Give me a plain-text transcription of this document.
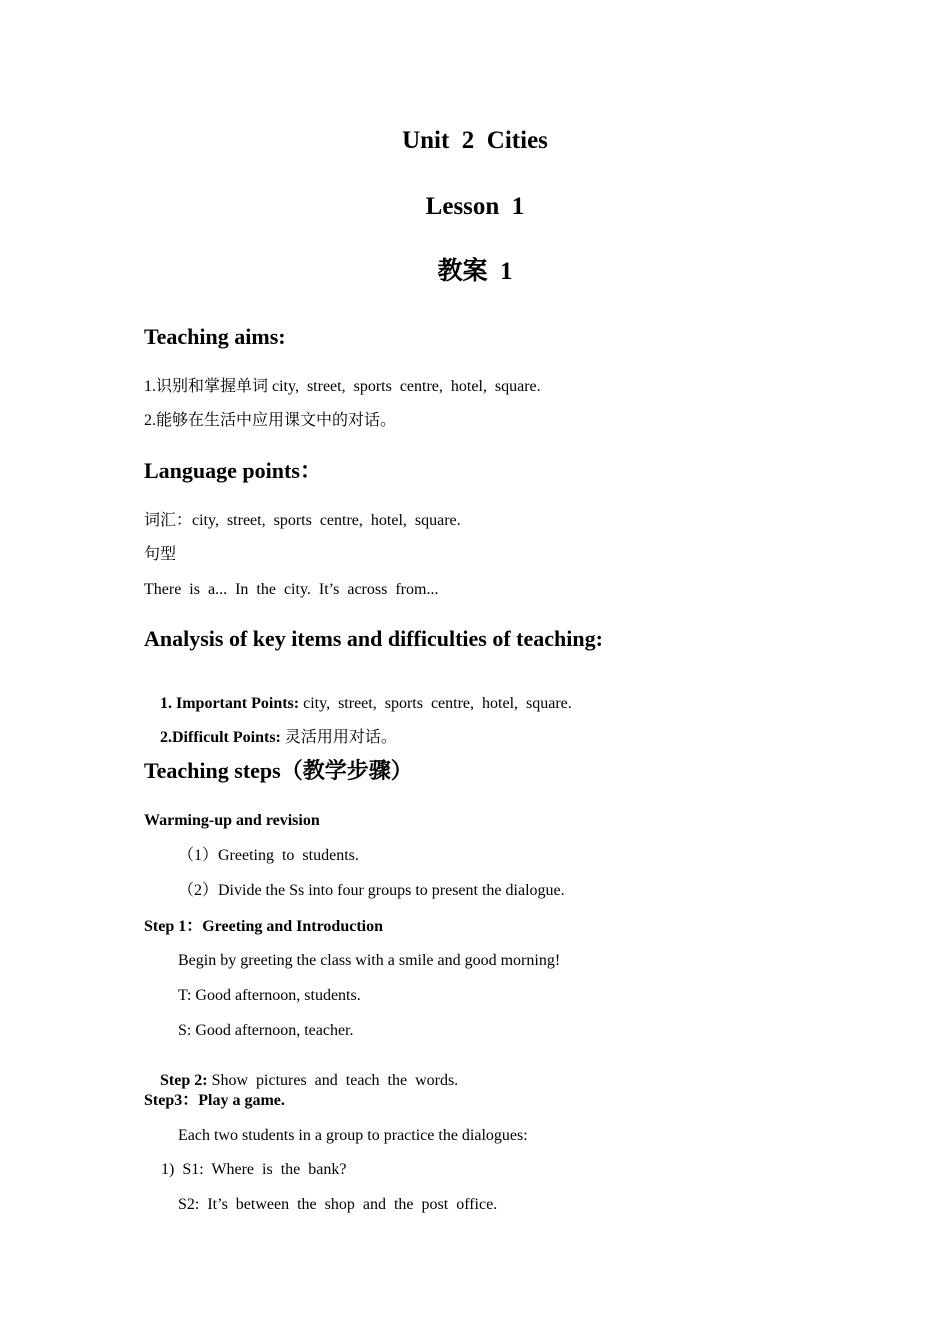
Unit  2  Cities
Lesson  1
教案  1
Teaching aims:
1.识别和掌握单词 city,  street,  sports  centre,  hotel,  square.
2.能够在生活中应用课文中的对话。
Language points：
词汇：city,  street,  sports  centre,  hotel,  square.
句型
There  is  a...  In  the  city.  It’s  across  from...
Analysis of key items and difficulties of teaching:

1. Important Points: city,  street,  sports  centre,  hotel,  square.

2.Difficult Points: 灵活用用对话。

Teaching steps（教学步骤）
Warming-up and revision
（1）Greeting  to  students.
（2）Divide the Ss into four groups to present the dialogue.
Step 1：Greeting and Introduction
Begin by greeting the class with a smile and good morning!
T: Good afternoon, students.
S: Good afternoon, teacher.

Step 2: Show  pictures  and  teach  the  words.

Step3：Play a game.
Each two students in a group to practice the dialogues:
1)  S1:  Where  is  the  bank?
S2:  It’s  between  the  shop  and  the  post  office.
